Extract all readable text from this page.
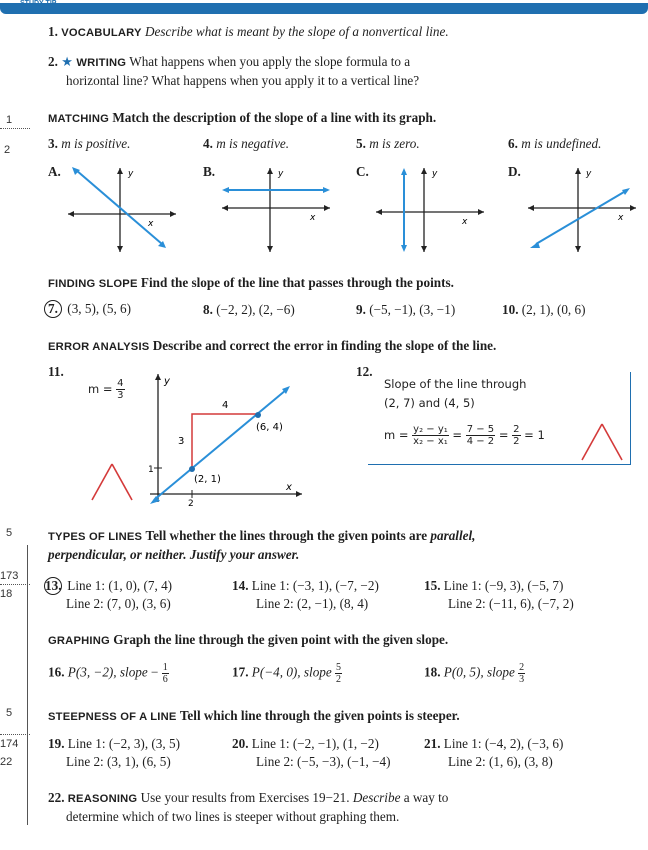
STUDY TIP
1. VOCABULARY Describe what is meant by the slope of a nonvertical line.
2. ★ WRITING What happens when you apply the slope formula to a
horizontal line? What happens when you apply it to a vertical line?
1
2
MATCHING Match the description of the slope of a line with its graph.
3. m is positive.	4. m is negative.	5. m is zero.	6. m is undefined.
A.	B.	C.	D.
y
x
y
x
y
x
y
x
FINDING SLOPE Find the slope of the line that passes through the points.
7. (3, 5), (5, 6)	8. (−2, 2), (2, −6)	9. (−5, −1), (3, −1)	10. (2, 1), (0, 6)
ERROR ANALYSIS Describe and correct the error in finding the slope of the line.
11.
$m = \frac{4}{3}$	y
x
4
3
(6, 4)
(2, 1)
1
2
12.
Slope of the line through
(2, 7) and (4, 5)
$m = \frac{\text{y₂ − y₁}}{\text{x₂ − x₁}} = \frac{7 - 5}{4 - 2} = \frac{2}{2} = 1$
5
173
18
TYPES OF LINES Tell whether the lines through the given points are parallel,
perpendicular, or neither. Justify your answer.
13. Line 1: (1, 0), (7, 4)
Line 2: (7, 0), (3, 6)
14. Line 1: (−3, 1), (−7, −2)
Line 2: (2, −1), (8, 4)
15. Line 1: (−9, 3), (−5, 7)
Line 2: (−11, 6), (−7, 2)
GRAPHING Graph the line through the given point with the given slope.
16. P(3, −2), slope − $\frac{1}{6}$	17. P(−4, 0), slope $\frac{5}{2}$	18. P(0, 5), slope $\frac{2}{3}$
5
174
22
STEEPNESS OF A LINE Tell which line through the given points is steeper.
19. Line 1: (−2, 3), (3, 5)
Line 2: (3, 1), (6, 5)
20. Line 1: (−2, −1), (1, −2)
Line 2: (−5, −3), (−1, −4)
21. Line 1: (−4, 2), (−3, 6)
Line 2: (1, 6), (3, 8)
22. REASONING Use your results from Exercises 19−21. Describe a way to
determine which of two lines is steeper without graphing them.
